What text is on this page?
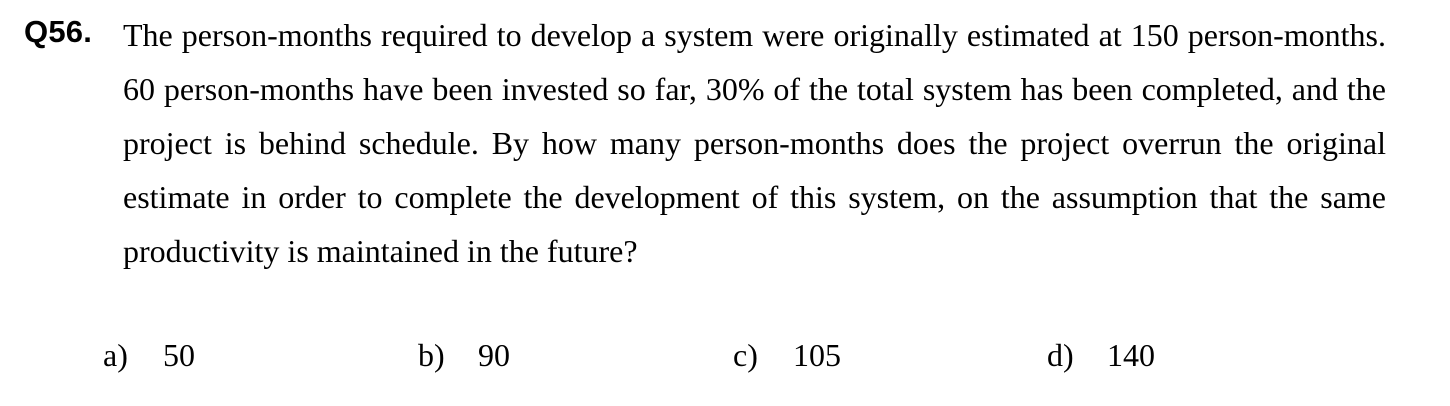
Q56. The person-months required to develop a system were originally estimated at 150 person-months. 60 person-months have been invested so far, 30% of the total system has been completed, and the project is behind schedule. By how many person-months does the project overrun the original estimate in order to complete the development of this system, on the assumption that the same productivity is maintained in the future?

a) 50	b) 90	c) 105	d) 140
